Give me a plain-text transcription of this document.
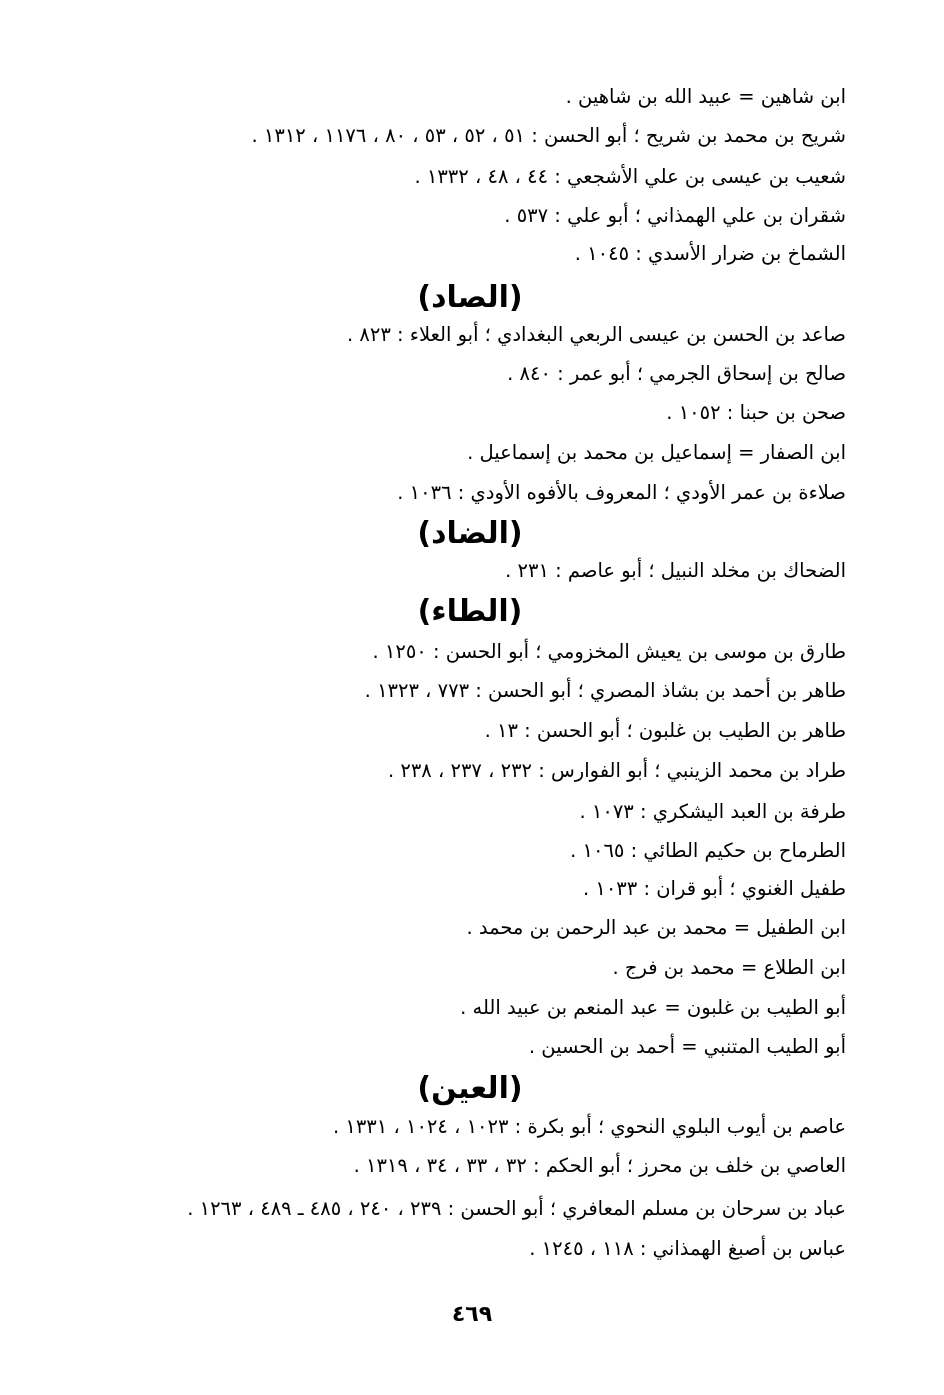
ابن شاهين = عبيد الله بن شاهين .
شريح بن محمد بن شريح ؛ أبو الحسن : ٥١ ، ٥٢ ، ٥٣ ، ٨٠ ، ١١٧٦ ، ١٣١٢ .
شعيب بن عيسى بن علي الأشجعي : ٤٤ ، ٤٨ ، ١٣٣٢ .
شقران بن علي الهمذاني ؛ أبو علي : ٥٣٧ .
الشماخ بن ضرار الأسدي : ١٠٤٥ .
(الصاد)
صاعد بن الحسن بن عيسى الربعي البغدادي ؛ أبو العلاء : ٨٢٣ .
صالح بن إسحاق الجرمي ؛ أبو عمر : ٨٤٠ .
صحن بن حبنا : ١٠٥٢ .
ابن الصفار = إسماعيل بن محمد بن إسماعيل .
صلاءة بن عمر الأودي ؛ المعروف بالأفوه الأودي : ١٠٣٦ .
(الضاد)
الضحاك بن مخلد النبيل ؛ أبو عاصم : ٢٣١ .
(الطاء)
طارق بن موسى بن يعيش المخزومي ؛ أبو الحسن : ١٢٥٠ .
طاهر بن أحمد بن بشاذ المصري ؛ أبو الحسن : ٧٧٣ ، ١٣٢٣ .
طاهر بن الطيب بن غلبون ؛ أبو الحسن : ١٣ .
طراد بن محمد الزينبي ؛ أبو الفوارس : ٢٣٢ ، ٢٣٧ ، ٢٣٨ .
طرفة بن العبد اليشكري : ١٠٧٣ .
الطرماح بن حكيم الطائي : ١٠٦٥ .
طفيل الغنوي ؛ أبو قران : ١٠٣٣ .
ابن الطفيل = محمد بن عبد الرحمن بن محمد .
ابن الطلاع = محمد بن فرج .
أبو الطيب بن غلبون = عبد المنعم بن عبيد الله .
أبو الطيب المتنبي = أحمد بن الحسين .
(العين)
عاصم بن أيوب البلوي النحوي ؛ أبو بكرة : ١٠٢٣ ، ١٠٢٤ ، ١٣٣١ .
العاصي بن خلف بن محرز ؛ أبو الحكم : ٣٢ ، ٣٣ ، ٣٤ ، ١٣١٩ .
عباد بن سرحان بن مسلم المعافري ؛ أبو الحسن : ٢٣٩ ، ٢٤٠ ، ٤٨٥ ـ ٤٨٩ ، ١٢٦٣ .
عباس بن أصبغ الهمذاني : ١١٨ ، ١٢٤٥ .
٤٦٩
